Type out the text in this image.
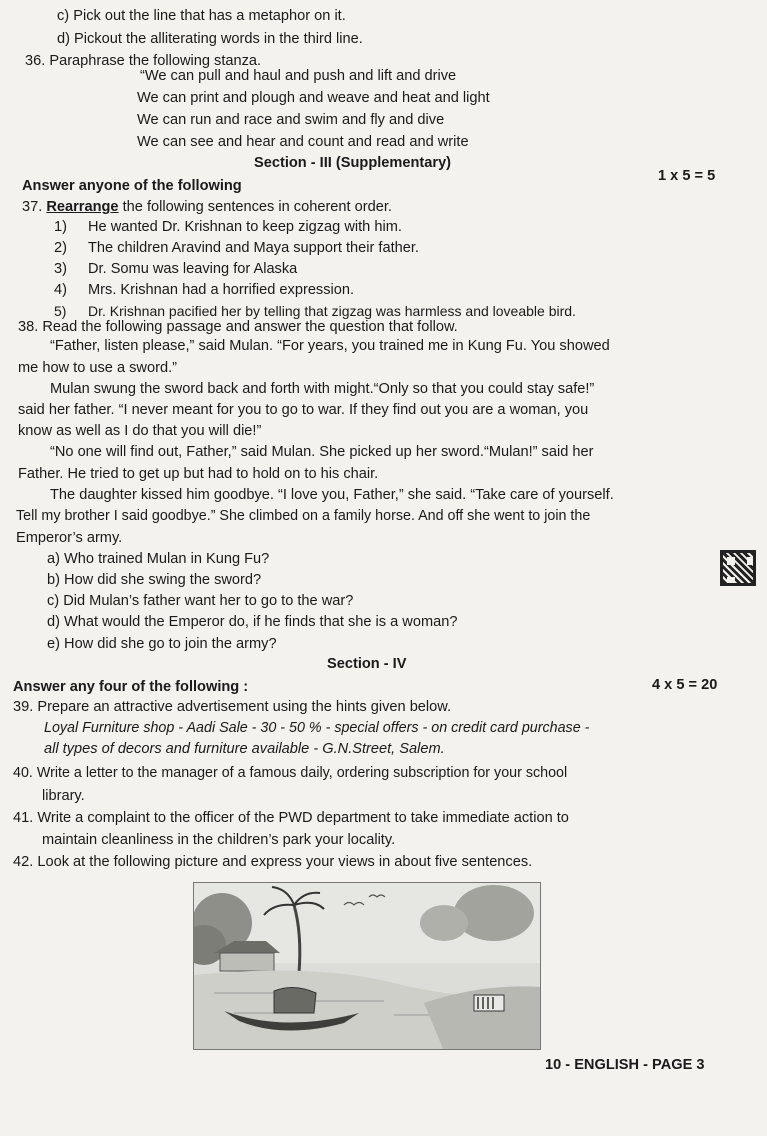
c) Pick out the line that has a metaphor on it.
d) Pickout the alliterating words in the third line.
36. Paraphrase the following stanza.
“We can pull and haul and push and lift and drive
We can print and plough and weave and heat and light
We can run and race and swim and fly and dive
We can see and hear and count and read and write
Section - III (Supplementary)
Answer anyone of the following
1 x 5 = 5
37. Rearrange the following sentences in coherent order.
1) He wanted Dr. Krishnan to keep zigzag with him.
2) The children Aravind and Maya support their father.
3) Dr. Somu was leaving for Alaska
4) Mrs. Krishnan had a horrified expression.
5) Dr. Krishnan pacified her by telling that zigzag was harmless and loveable bird.
38. Read the following passage and answer the question that follow.
“Father, listen please,” said Mulan. “For years, you trained me in Kung Fu. You showed
me how to use a sword.”
Mulan swung the sword back and forth with might.“Only so that you could stay safe!”
said her father. “I never meant for you to go to war. If they find out you are a woman, you
know as well as I do that you will die!”
“No one will find out, Father,” said Mulan. She picked up her sword.“Mulan!” said her
Father. He tried to get up but had to hold on to his chair.
The daughter kissed him goodbye. “I love you, Father,” she said. “Take care of yourself.
Tell my brother I said goodbye.” She climbed on a family horse. And off she went to join the
Emperor’s army.
a) Who trained Mulan in Kung Fu?
b) How did she swing the sword?
c) Did Mulan’s father want her to go to the war?
d) What would the Emperor do, if he finds that she is a woman?
e) How did she go to join the army?
Section - IV
Answer any four of the following :	4 x 5 = 20
39. Prepare an attractive advertisement using the hints given below.
Loyal Furniture shop - Aadi Sale - 30 - 50 % - special offers - on credit card purchase -
all types of decors and furniture available - G.N.Street, Salem.
40. Write a letter to the manager of a famous daily, ordering subscription for your school
library.
41. Write a complaint to the officer of the PWD department to take immediate action to
maintain cleanliness in the children’s park your locality.
42. Look at the following picture and express your views in about five sentences.
10 - ENGLISH - PAGE 3
